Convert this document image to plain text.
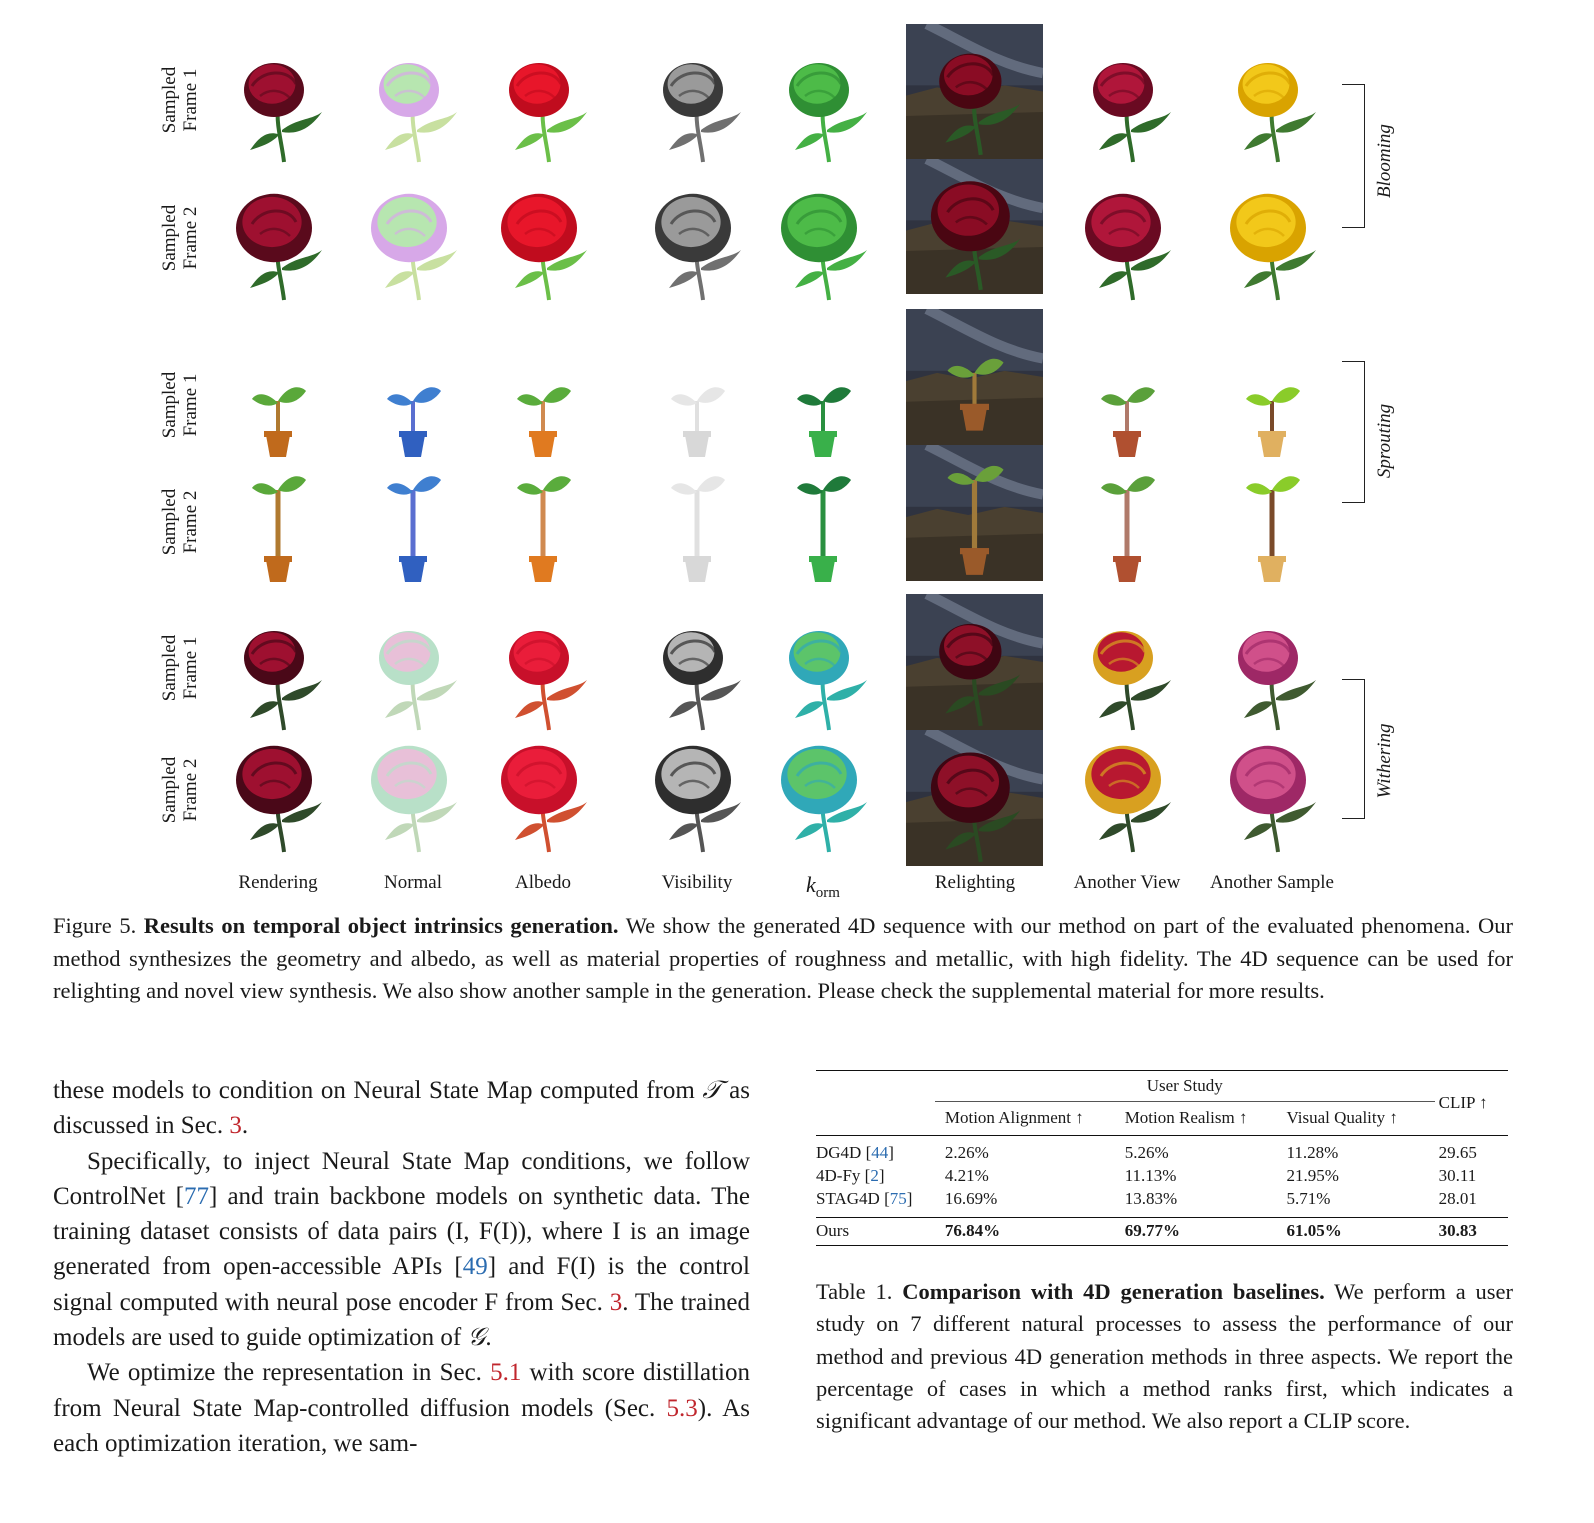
Sampled Frame 1
Sampled Frame 2
Sampled Frame 1
Sampled Frame 2
Sampled Frame 1
Sampled Frame 2
Rendering	Normal	Albedo	Visibility	$k_{orm}$	Relighting	Another View	Another Sample
Blooming
Sprouting
Withering
Figure 5. Results on temporal object intrinsics generation. We show the generated 4D sequence with our method on part of the evaluated phenomena. Our method synthesizes the geometry and albedo, as well as material properties of roughness and metallic, with high fidelity. The 4D sequence can be used for relighting and novel view synthesis. We also show another sample in the generation. Please check the supplemental material for more results.

these models to condition on Neural State Map computed from 𝒯 as discussed in Sec. 3.

Specifically, to inject Neural State Map conditions, we follow ControlNet [77] and train backbone models on synthetic data. The training dataset consists of data pairs (I, F(I)), where I is an image generated from open-accessible APIs [49] and F(I) is the control signal computed with neural pose encoder F from Sec. 3. The trained models are used to guide optimization of 𝒢.

We optimize the representation in Sec. 5.1 with score distillation from Neural State Map-controlled diffusion models (Sec. 5.3). As each optimization iteration, we sam-

	User Study			CLIP ↑
	Motion Alignment ↑	Motion Realism ↑	Visual Quality ↑	

DG4D [44]	2.26%	5.26%	11.28%	29.65
4D-Fy [2]	4.21%	11.13%	21.95%	30.11
STAG4D [75]	16.69%	13.83%	5.71%	28.01

Ours	76.84%	69.77%	61.05%	30.83
Table 1. Comparison with 4D generation baselines. We perform a user study on 7 different natural processes to assess the performance of our method and previous 4D generation methods in three aspects. We report the percentage of cases in which a method ranks first, which indicates a significant advantage of our method. We also report a CLIP score.
